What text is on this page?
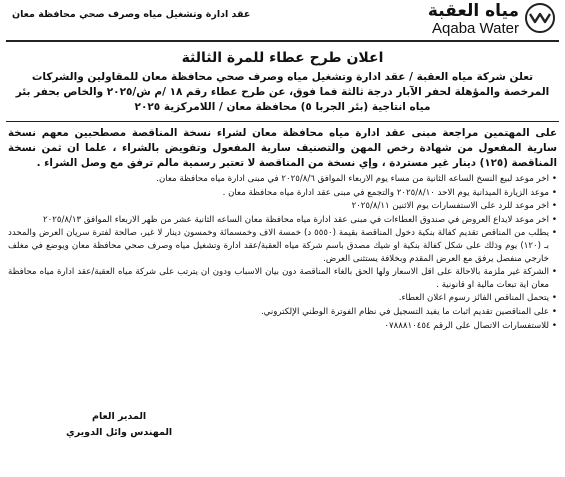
مياه العقبة
Aqaba Water
عقد ادارة وتشغيل مياه وصرف صحي محافظة معان
اعلان طرح عطاء للمرة الثالثة
تعلن شركة مياه العقبة / عقد ادارة وتشغيل مياه وصرف صحي محافظة معان للمقاولين والشركات المرخصة والمؤهلة لحفر الآبار درجة ثالثة فما فوق، عن طرح عطاء رقم ١٨ /م ش/٢٠٢٥ والخاص بحفر بئر مياه انتاجية (بئر الجربا ٥) محافظة معان / اللامركزية ٢٠٢٥
على المهتمين مراجعة مبنى عقد ادارة مياه محافظة معان لشراء نسخة المناقصة مصطحبين معهم نسخة سارية المفعول من شهادة رخص المهن والتصنيف سارية المفعول وتفويض بالشراء ، علما ان ثمن نسخة المناقصة (١٢٥) دينار غير مستردة ، وإي نسخة من المناقصة لا تعتبر رسمية مالم ترفق مع وصل الشراء .
• اخر موعد لبيع النسخ الساعه الثانية من مساء يوم الاربعاء الموافق ٢٠٢٥/٨/٦ في مبنى ادارة مياه محافظة معان.
• موعد الزيارة الميدانية يوم الاحد ٢٠٢٥/٨/١٠ والتجمع في مبنى عقد ادارة مياه محافظة معان .
• اخر موعد للرد على الاستفسارات يوم الاثنين ٢٠٢٥/٨/١١
• اخر موعد لايداع العروض في صندوق العطاءات في مبنى عقد ادارة مياه محافظة معان الساعه الثانية عشر من ظهر الاربعاء الموافق ٢٠٢٥/٨/١٣
• يطلب من المناقص تقديم كفالة بنكية دخول المناقصة بقيمة (٥٥٥٠ د) خمسة الاف وخمسمائة وخمسون دينار لا غير، صالحة لفترة سريان العرض والمحدد بـ (١٢٠) يوم وذلك على شكل كفالة بنكية او شيك مصدق باسم شركة مياه العقبة/عقد ادارة وتشغيل مياه وصرف صحي محافظة معان ويوضع في مغلف خارجي منفصل يرفق مع العرض المقدم وبخلافة يستثنى العرض.
• الشركة غير ملزمة بالاحالة على اقل الاسعار ولها الحق بالغاء المناقصة دون بيان الاسباب ودون ان يترتب على شركة مياه العقبة/عقد ادارة مياه محافظة معان اية تبعات مالية او قانونية .
• يتحمل المناقص الفائز رسوم اعلان العطاء.
• على المناقصين تقديم اثبات ما يفيد التسجيل في نظام الفوترة الوطني الإلكتروني.
• للاستفسارات الاتصال على الرقم ٠٧٨٨٨١٠٤٥٤
المدير العام
المهندس وائل الدويري
